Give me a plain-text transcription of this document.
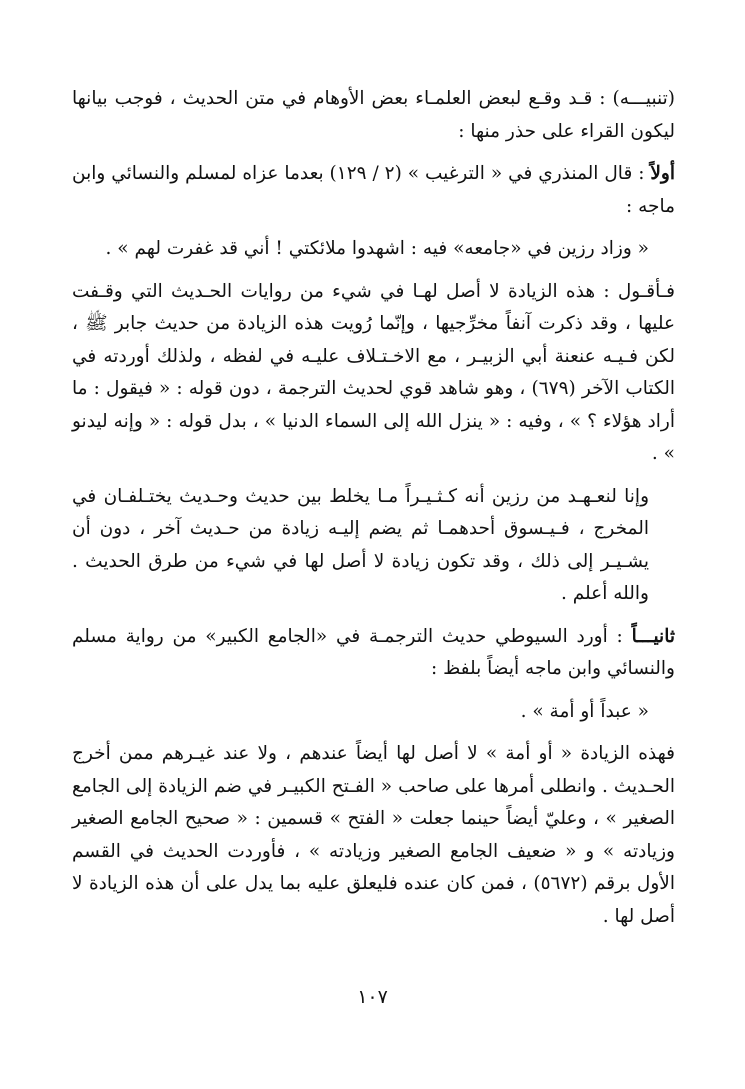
(تنبيـــه) : قـد وقـع لبعض العلمـاء بعض الأوهام في متن الحديث ، فوجب بيانها ليكون القراء على حذر منها :

أولاً : قال المنذري في « الترغيب » (٢ / ١٢٩) بعدما عزاه لمسلم والنسائي وابن ماجه :

« وزاد رزين في «جامعه» فيه : اشهدوا ملائكتي ! أني قد غفرت لهم » .

فـأقـول : هذه الزيادة لا أصل لهـا في شيء من روايات الحـديث التي وقـفت عليها ، وقد ذكرت آنفاً مخرِّجيها ، وإنّما رُويت هذه الزيادة من حديث جابر ﷺ ، لكن فـيـه عنعنة أبي الزبيـر ، مع الاخـتـلاف عليـه في لفظه ، ولذلك أوردته في الكتاب الآخر (٦٧٩) ، وهو شاهد قوي لحديث الترجمة ، دون قوله : « فيقول : ما أراد هؤلاء ؟ » ، وفيه : « ينزل الله إلى السماء الدنيا » ، بدل قوله : « وإنه ليدنو » .

وإنا لنعـهـد من رزين أنه كـثـيـراً مـا يخلط بين حديث وحـديث يختـلفـان في المخرج ، فـيـسوق أحدهمـا ثم يضم إليـه زيادة من حـديث آخر ، دون أن يشـيـر إلى ذلك ، وقد تكون زيادة لا أصل لها في شيء من طرق الحديث . والله أعلم .

ثانيـــاً : أورد السيوطي حديث الترجمـة في «الجامع الكبير» من رواية مسلم والنسائي وابن ماجه أيضاً بلفظ :

« عبداً أو أمة » .

فهذه الزيادة « أو أمة » لا أصل لها أيضاً عندهم ، ولا عند غيـرهم ممن أخرج الحـديث . وانطلى أمرها على صاحب « الفـتح الكبيـر في ضم الزيادة إلى الجامع الصغير » ، وعليّ أيضاً حينما جعلت « الفتح » قسمين : « صحيح الجامع الصغير وزيادته » و « ضعيف الجامع الصغير وزيادته » ، فأوردت الحديث في القسم الأول برقم (٥٦٧٢) ، فمن كان عنده فليعلق عليه بما يدل على أن هذه الزيادة لا أصل لها .

١٠٧
